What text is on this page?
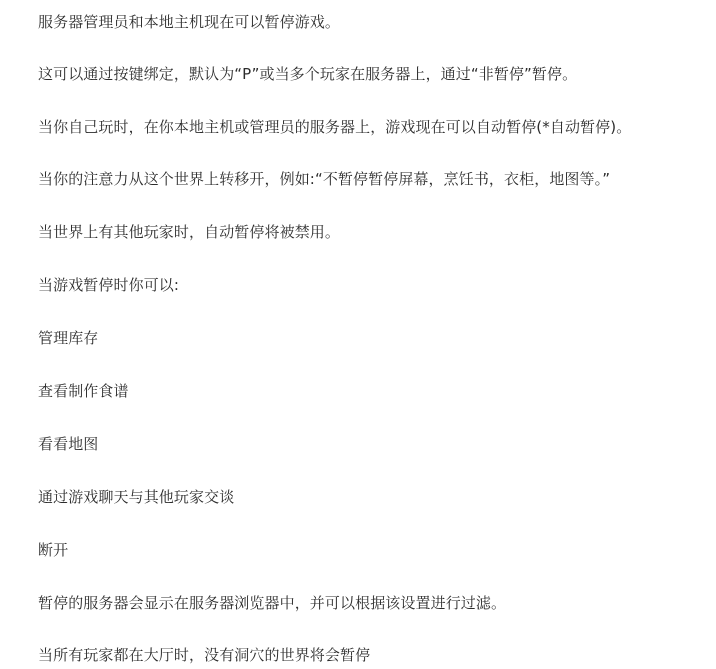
服务器管理员和本地主机现在可以暂停游戏。

这可以通过按键绑定，默认为“P”或当多个玩家在服务器上，通过“非暂停”暂停。

当你自己玩时，在你本地主机或管理员的服务器上，游戏现在可以自动暂停(*自动暂停)。

当你的注意力从这个世界上转移开，例如:“不暂停暂停屏幕，烹饪书，衣柜，地图等。”

当世界上有其他玩家时，自动暂停将被禁用。

当游戏暂停时你可以:

管理库存

查看制作食谱

看看地图

通过游戏聊天与其他玩家交谈

断开

暂停的服务器会显示在服务器浏览器中，并可以根据该设置进行过滤。

当所有玩家都在大厅时，没有洞穴的世界将会暂停
